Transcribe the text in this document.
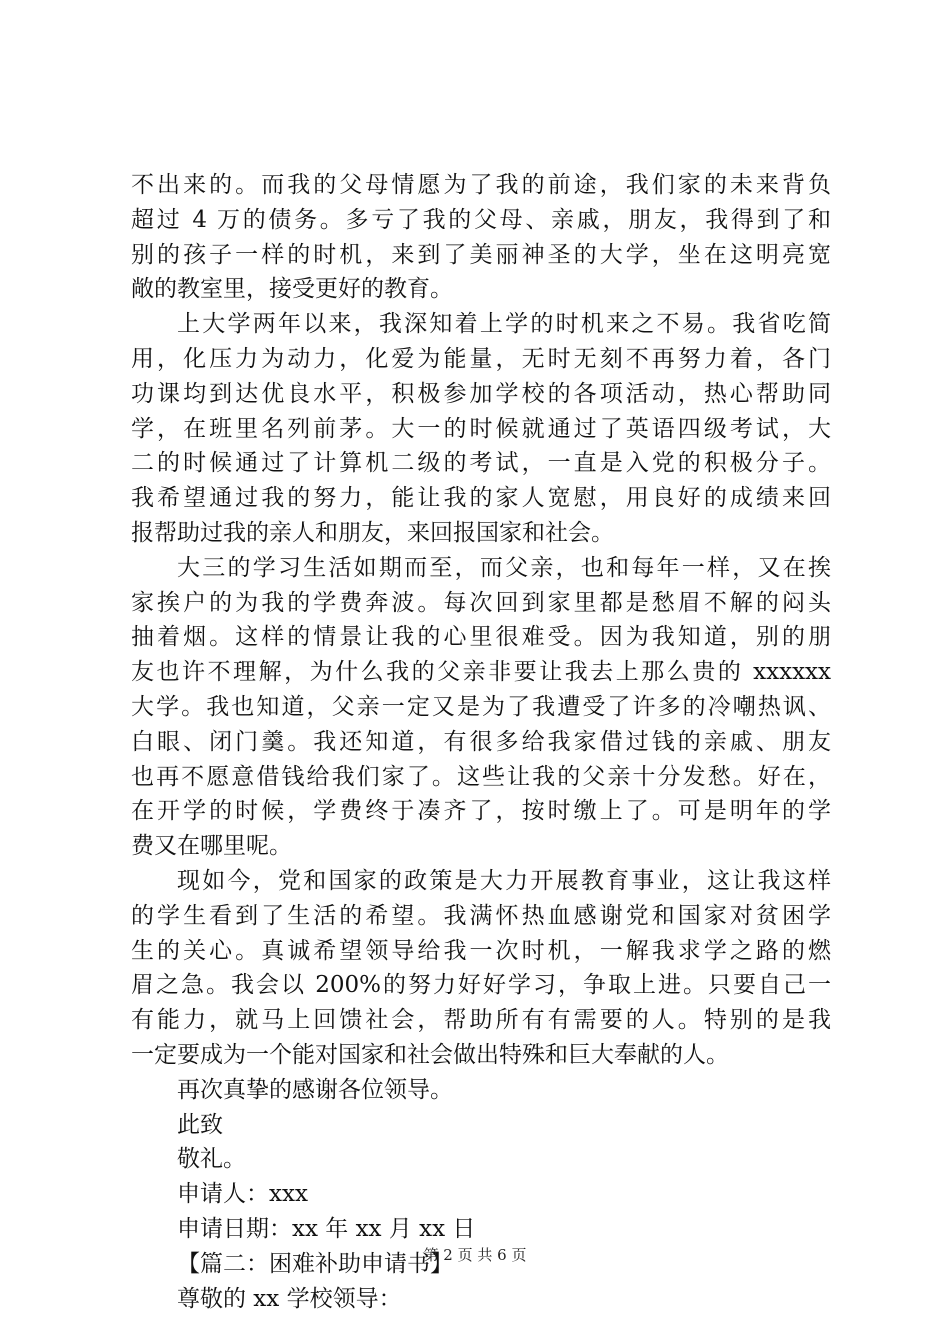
不出来的。而我的父母情愿为了我的前途，我们家的未来背负
超过 4 万的债务。多亏了我的父母、亲戚，朋友，我得到了和
别的孩子一样的时机，来到了美丽神圣的大学，坐在这明亮宽
敞的教室里，接受更好的教育。
上大学两年以来，我深知着上学的时机来之不易。我省吃简
用，化压力为动力，化爱为能量，无时无刻不再努力着，各门
功课均到达优良水平，积极参加学校的各项活动，热心帮助同
学，在班里名列前茅。大一的时候就通过了英语四级考试，大
二的时候通过了计算机二级的考试，一直是入党的积极分子。
我希望通过我的努力，能让我的家人宽慰，用良好的成绩来回
报帮助过我的亲人和朋友，来回报国家和社会。
大三的学习生活如期而至，而父亲，也和每年一样，又在挨
家挨户的为我的学费奔波。每次回到家里都是愁眉不解的闷头
抽着烟。这样的情景让我的心里很难受。因为我知道，别的朋
友也许不理解，为什么我的父亲非要让我去上那么贵的 xxxxxx
大学。我也知道，父亲一定又是为了我遭受了许多的冷嘲热讽、
白眼、闭门羹。我还知道，有很多给我家借过钱的亲戚、朋友
也再不愿意借钱给我们家了。这些让我的父亲十分发愁。好在，
在开学的时候，学费终于凑齐了，按时缴上了。可是明年的学
费又在哪里呢。
现如今，党和国家的政策是大力开展教育事业，这让我这样
的学生看到了生活的希望。我满怀热血感谢党和国家对贫困学
生的关心。真诚希望领导给我一次时机，一解我求学之路的燃
眉之急。我会以 200%的努力好好学习，争取上进。只要自己一
有能力，就马上回馈社会，帮助所有有需要的人。特别的是我
一定要成为一个能对国家和社会做出特殊和巨大奉献的人。
再次真挚的感谢各位领导。
此致
敬礼。
申请人：xxx
申请日期：xx 年 xx 月 xx 日
【篇二：困难补助申请书】
尊敬的 xx 学校领导：
第 2 页 共 6 页
